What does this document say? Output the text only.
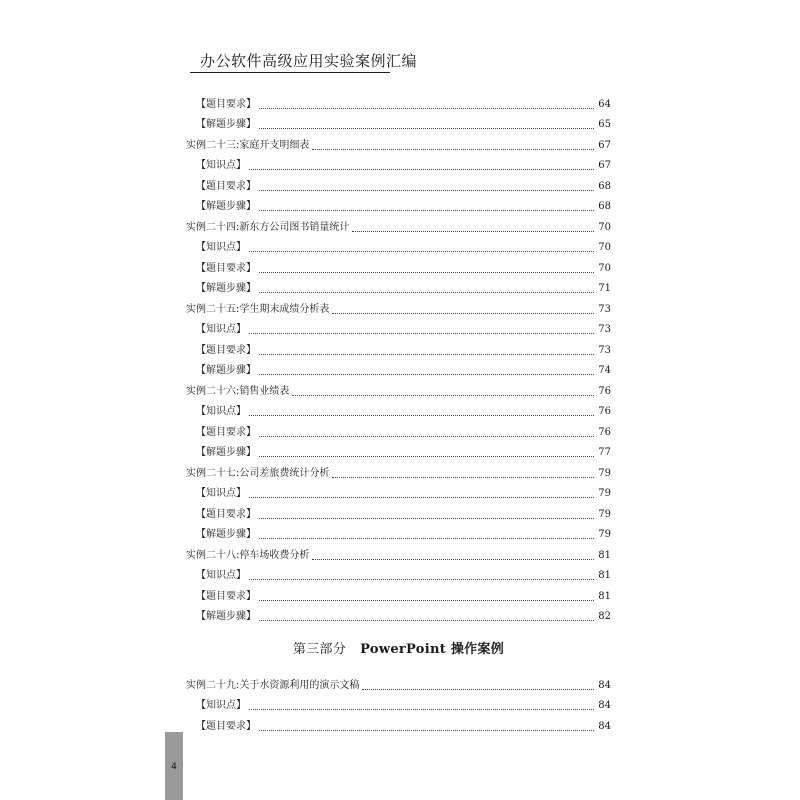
办公软件高级应用实验案例汇编
【题目要求】	64
【解题步骤】	65
实例二十三:家庭开支明细表	67
【知识点】	67
【题目要求】	68
【解题步骤】	68
实例二十四:新东方公司图书销量统计	70
【知识点】	70
【题目要求】	70
【解题步骤】	71
实例二十五:学生期末成绩分析表	73
【知识点】	73
【题目要求】	73
【解题步骤】	74
实例二十六:销售业绩表	76
【知识点】	76
【题目要求】	76
【解题步骤】	77
实例二十七:公司差旅费统计分析	79
【知识点】	79
【题目要求】	79
【解题步骤】	79
实例二十八:停车场收费分析	81
【知识点】	81
【题目要求】	81
【解题步骤】	82
第三部分 PowerPoint 操作案例
实例二十九:关于水资源利用的演示文稿	84
【知识点】	84
【题目要求】	84
4
